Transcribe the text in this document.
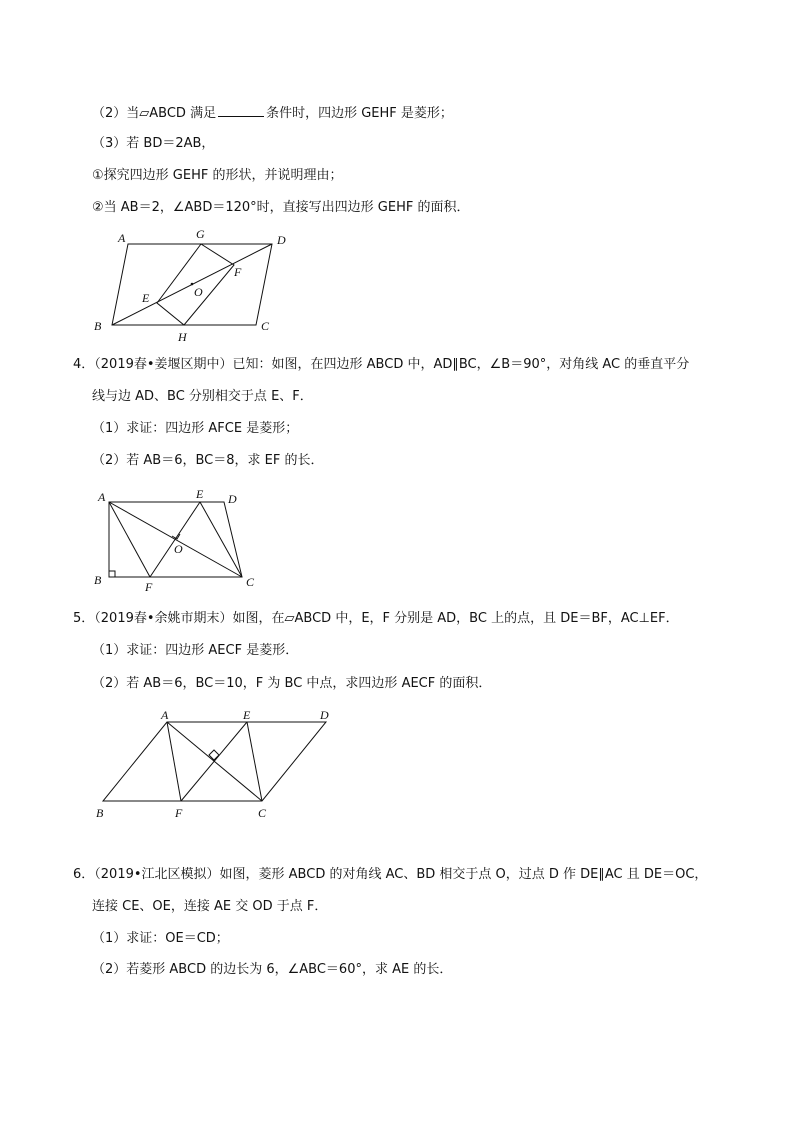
（2）当▱ABCD 满足	条件时，四边形 GEHF 是菱形；
（3）若 BD＝2AB，
①探究四边形 GEHF 的形状，并说明理由；
②当 AB＝2，∠ABD＝120°时，直接写出四边形 GEHF 的面积．
A	G	D
F
E	O
B
H
C
4．（2019春•姜堰区期中）已知：如图，在四边形 ABCD 中，AD∥BC，∠B＝90°，对角线 AC 的垂直平分
线与边 AD、BC 分别相交于点 E、F．
（1）求证：四边形 AFCE 是菱形；
（2）若 AB＝6，BC＝8，求 EF 的长．
A	E D
O
B	F	C
5．（2019春•余姚市期末）如图，在▱ABCD 中，E，F 分别是 AD，BC 上的点，且 DE＝BF，AC⊥EF．
（1）求证：四边形 AECF 是菱形．
（2）若 AB＝6，BC＝10，F 为 BC 中点，求四边形 AECF 的面积．
A	E	D
B	F	C
6．（2019•江北区模拟）如图，菱形 ABCD 的对角线 AC、BD 相交于点 O，过点 D 作 DE∥AC 且 DE＝OC，
连接 CE、OE，连接 AE 交 OD 于点 F．
（1）求证：OE＝CD；
（2）若菱形 ABCD 的边长为 6，∠ABC＝60°，求 AE 的长．
